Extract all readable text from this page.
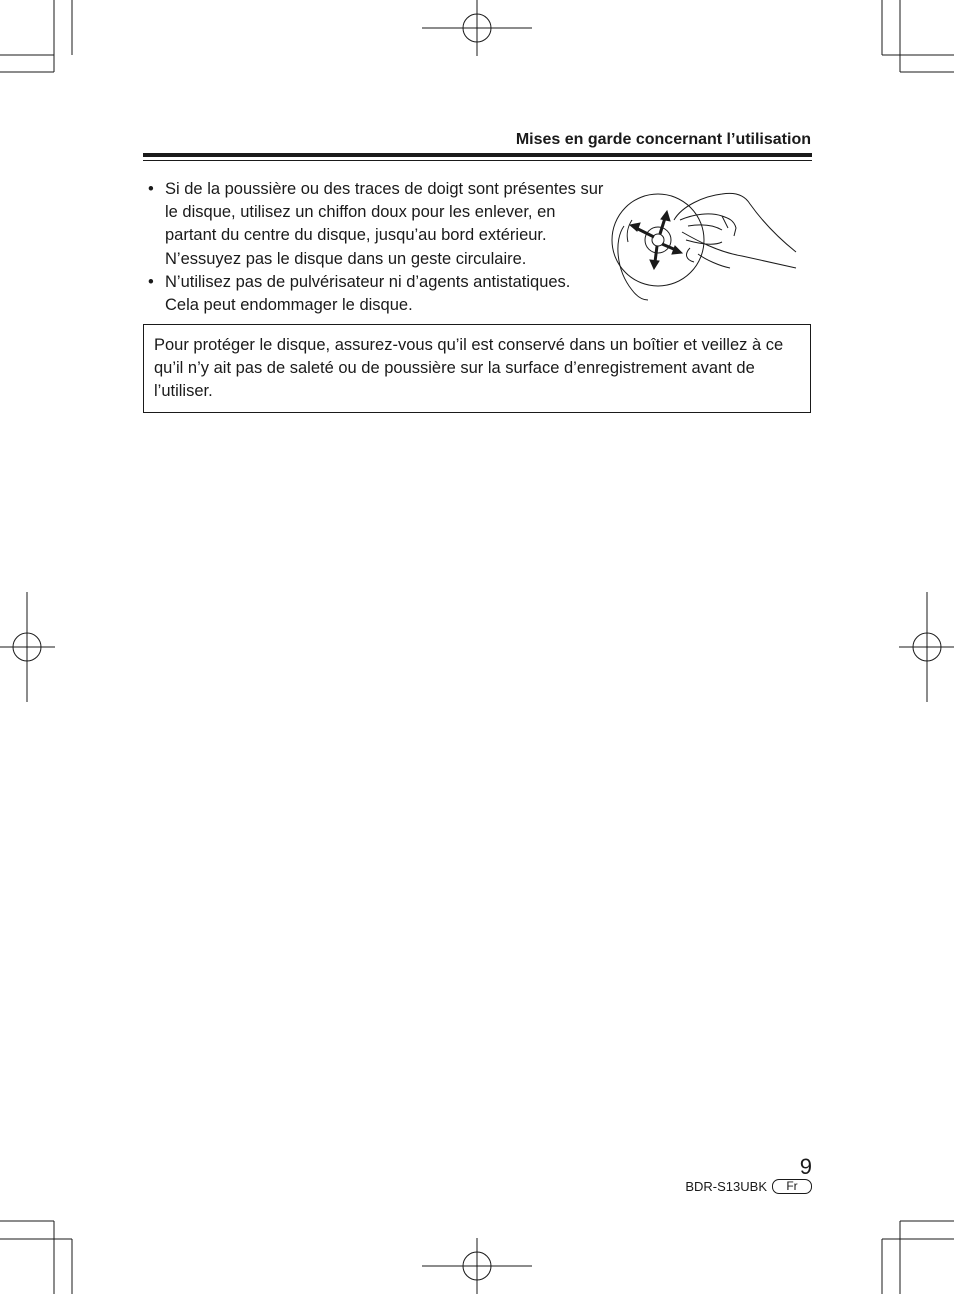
Mises en garde concernant l’utilisation
• Si de la poussière ou des traces de doigt sont présentes sur le disque, utilisez un chiffon doux pour les enlever, en partant du centre du disque, jusqu’au bord extérieur. N’essuyez pas le disque dans un geste circulaire.
• N’utilisez pas de pulvérisateur ni d’agents antistatiques. Cela peut endommager le disque.
Pour protéger le disque, assurez-vous qu’il est conservé dans un boîtier et veillez à ce qu’il n’y ait pas de saleté ou de poussière sur la surface d’enregistrement avant de l’utiliser.
9
BDR-S13UBK	Fr
